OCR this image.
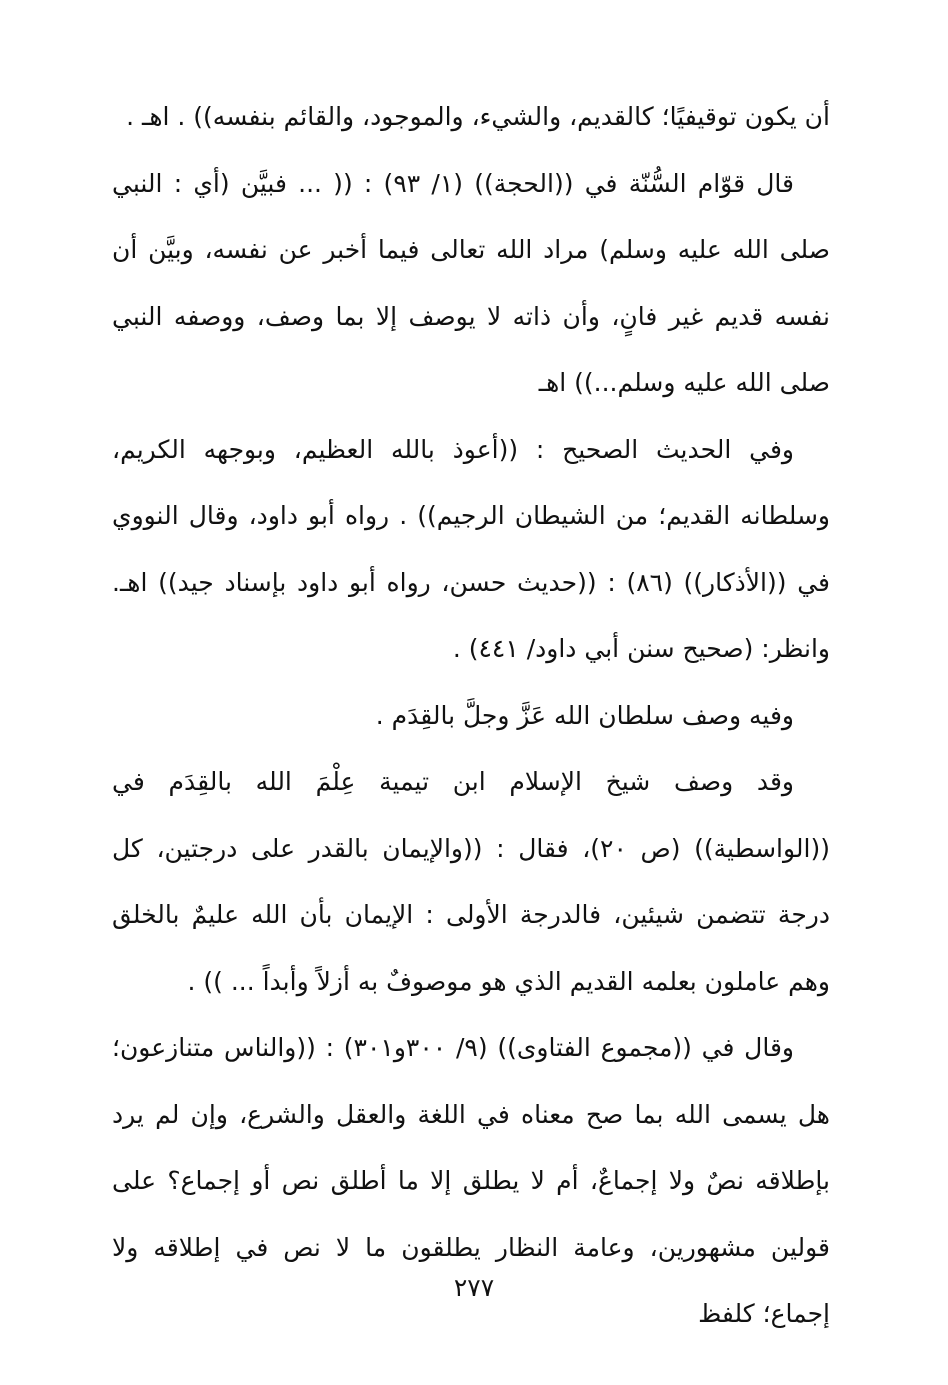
أن يكون توقيفيًا؛ كالقديم، والشيء، والموجود، والقائم بنفسه)) . اهـ .

قال قوّام السُّنّة في ((الحجة)) (١/ ٩٣) : (( ... فبيَّن (أي : النبي صلى الله عليه وسلم) مراد الله تعالى فيما أخبر عن نفسه، وبيَّن أن نفسه قديم غير فانٍ، وأن ذاته لا يوصف إلا بما وصف، ووصفه النبي صلى الله عليه وسلم...)) اهـ

وفي الحديث الصحيح : ((أعوذ بالله العظيم، وبوجهه الكريم، وسلطانه القديم؛ من الشيطان الرجيم)) . رواه أبو داود، وقال النووي في ((الأذكار)) (٨٦) : ((حديث حسن، رواه أبو داود بإسناد جيد)) اهـ. وانظر: (صحيح سنن أبي داود/ ٤٤١) .

وفيه وصف سلطان الله عَزَّ وجلَّ بالقِدَم .

وقد وصف شيخ الإسلام ابن تيمية عِلْمَ الله بالقِدَم في ((الواسطية)) (ص ٢٠)، فقال : ((والإيمان بالقدر على درجتين، كل درجة تتضمن شيئين، فالدرجة الأولى : الإيمان بأن الله عليمٌ بالخلق وهم عاملون بعلمه القديم الذي هو موصوفٌ به أزلاً وأبداً ... )) .

وقال في ((مجموع الفتاوى)) (٩/ ٣٠٠و٣٠١) : ((والناس متنازعون؛ هل يسمى الله بما صح معناه في اللغة والعقل والشرع، وإن لم يرد بإطلاقه نصٌ ولا إجماعٌ، أم لا يطلق إلا ما أطلق نص أو إجماع؟ على قولين مشهورين، وعامة النظار يطلقون ما لا نص في إطلاقه ولا إجماع؛ كلفظ

٢٧٧
